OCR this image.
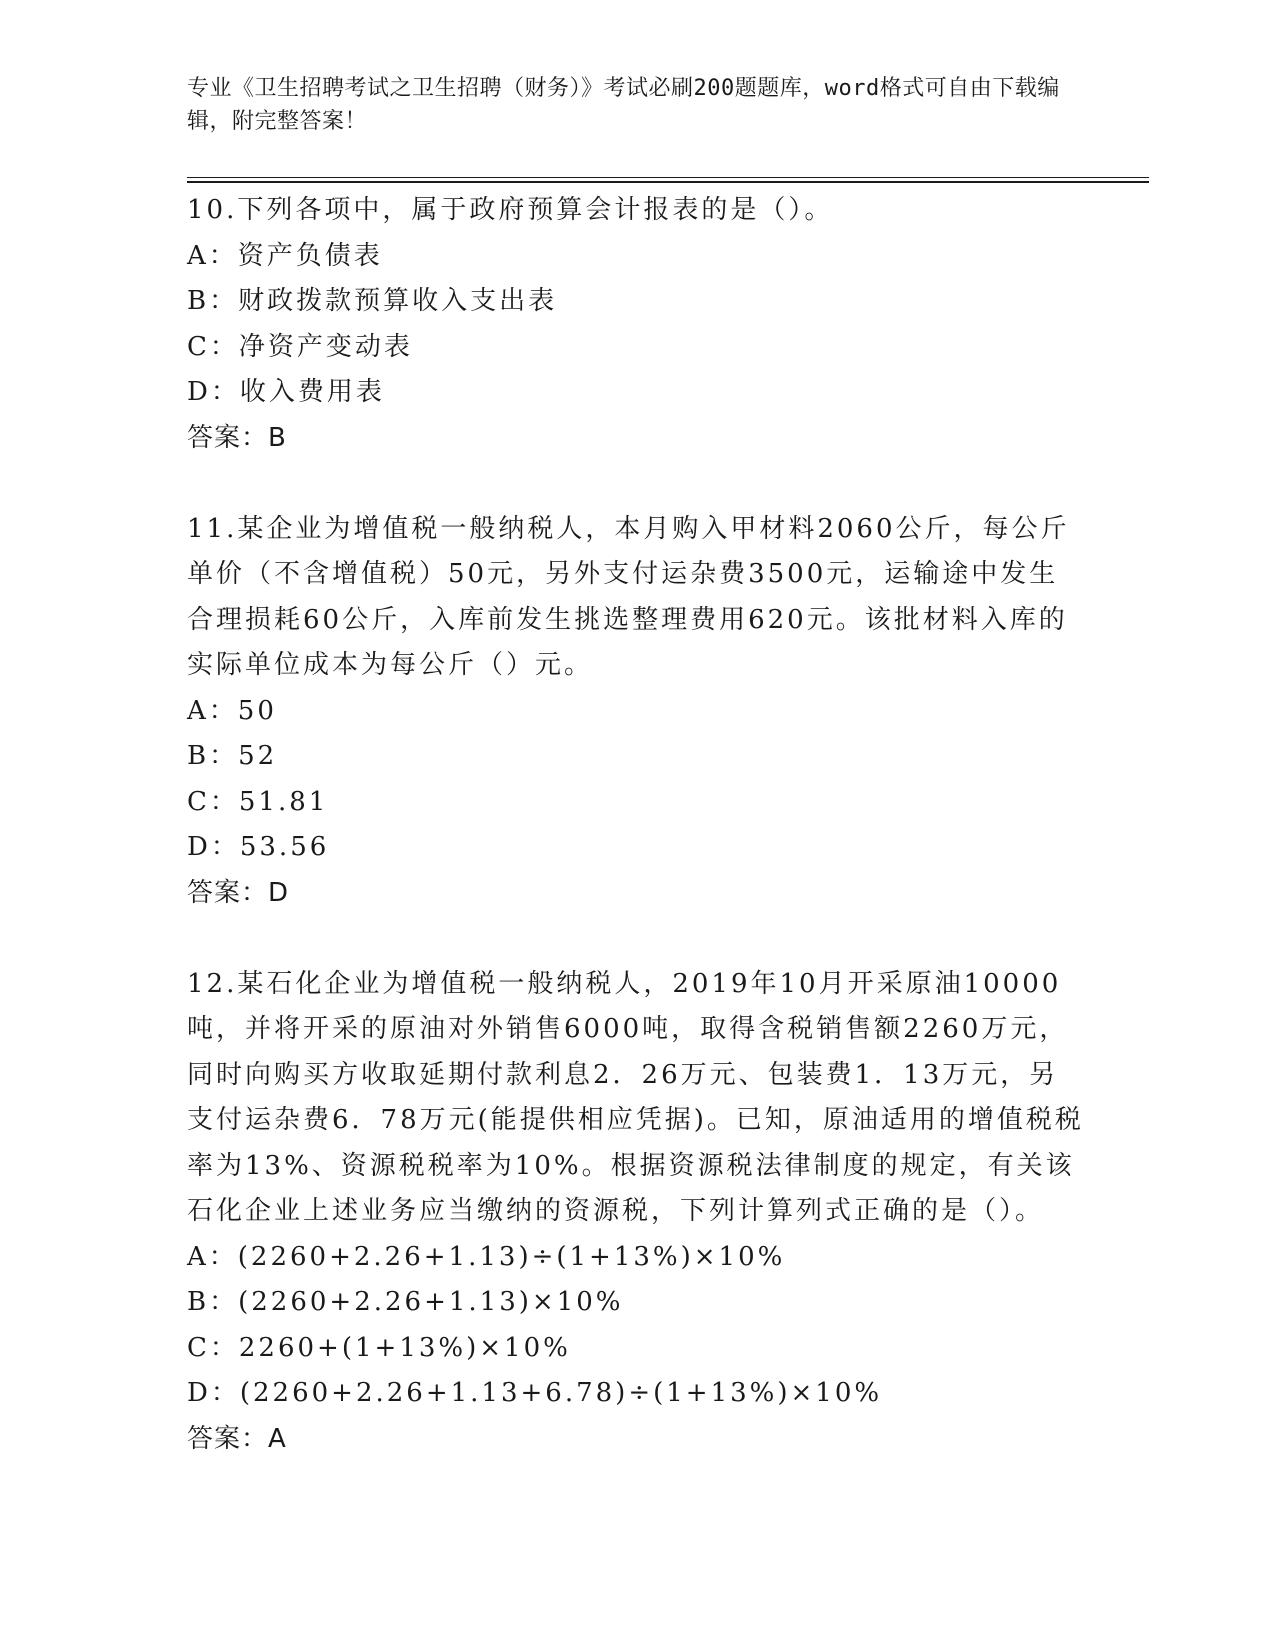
专业《卫生招聘考试之卫生招聘（财务）》考试必刷200题题库，word格式可自由下载编辑，附完整答案！

10.下列各项中，属于政府预算会计报表的是（）。

A：资产负债表

B：财政拨款预算收入支出表

C：净资产变动表

D：收入费用表

答案：B

11.某企业为增值税一般纳税人，本月购入甲材料2060公斤，每公斤单价（不含增值税）50元，另外支付运杂费3500元，运输途中发生合理损耗60公斤，入库前发生挑选整理费用620元。该批材料入库的实际单位成本为每公斤（）元。

A：50

B：52

C：51.81

D：53.56

答案：D

12.某石化企业为增值税一般纳税人，2019年10月开采原油10000吨，并将开采的原油对外销售6000吨，取得含税销售额2260万元，同时向购买方收取延期付款利息2．26万元、包装费1．13万元，另支付运杂费6．78万元(能提供相应凭据)。已知，原油适用的增值税税率为13%、资源税税率为10%。根据资源税法律制度的规定，有关该石化企业上述业务应当缴纳的资源税，下列计算列式正确的是（）。

A：(2260+2.26+1.13)÷(1+13%)×10%

B：(2260+2.26+1.13)×10%

C：2260+(1+13%)×10%

D：(2260+2.26+1.13+6.78)÷(1+13%)×10%

答案：A
